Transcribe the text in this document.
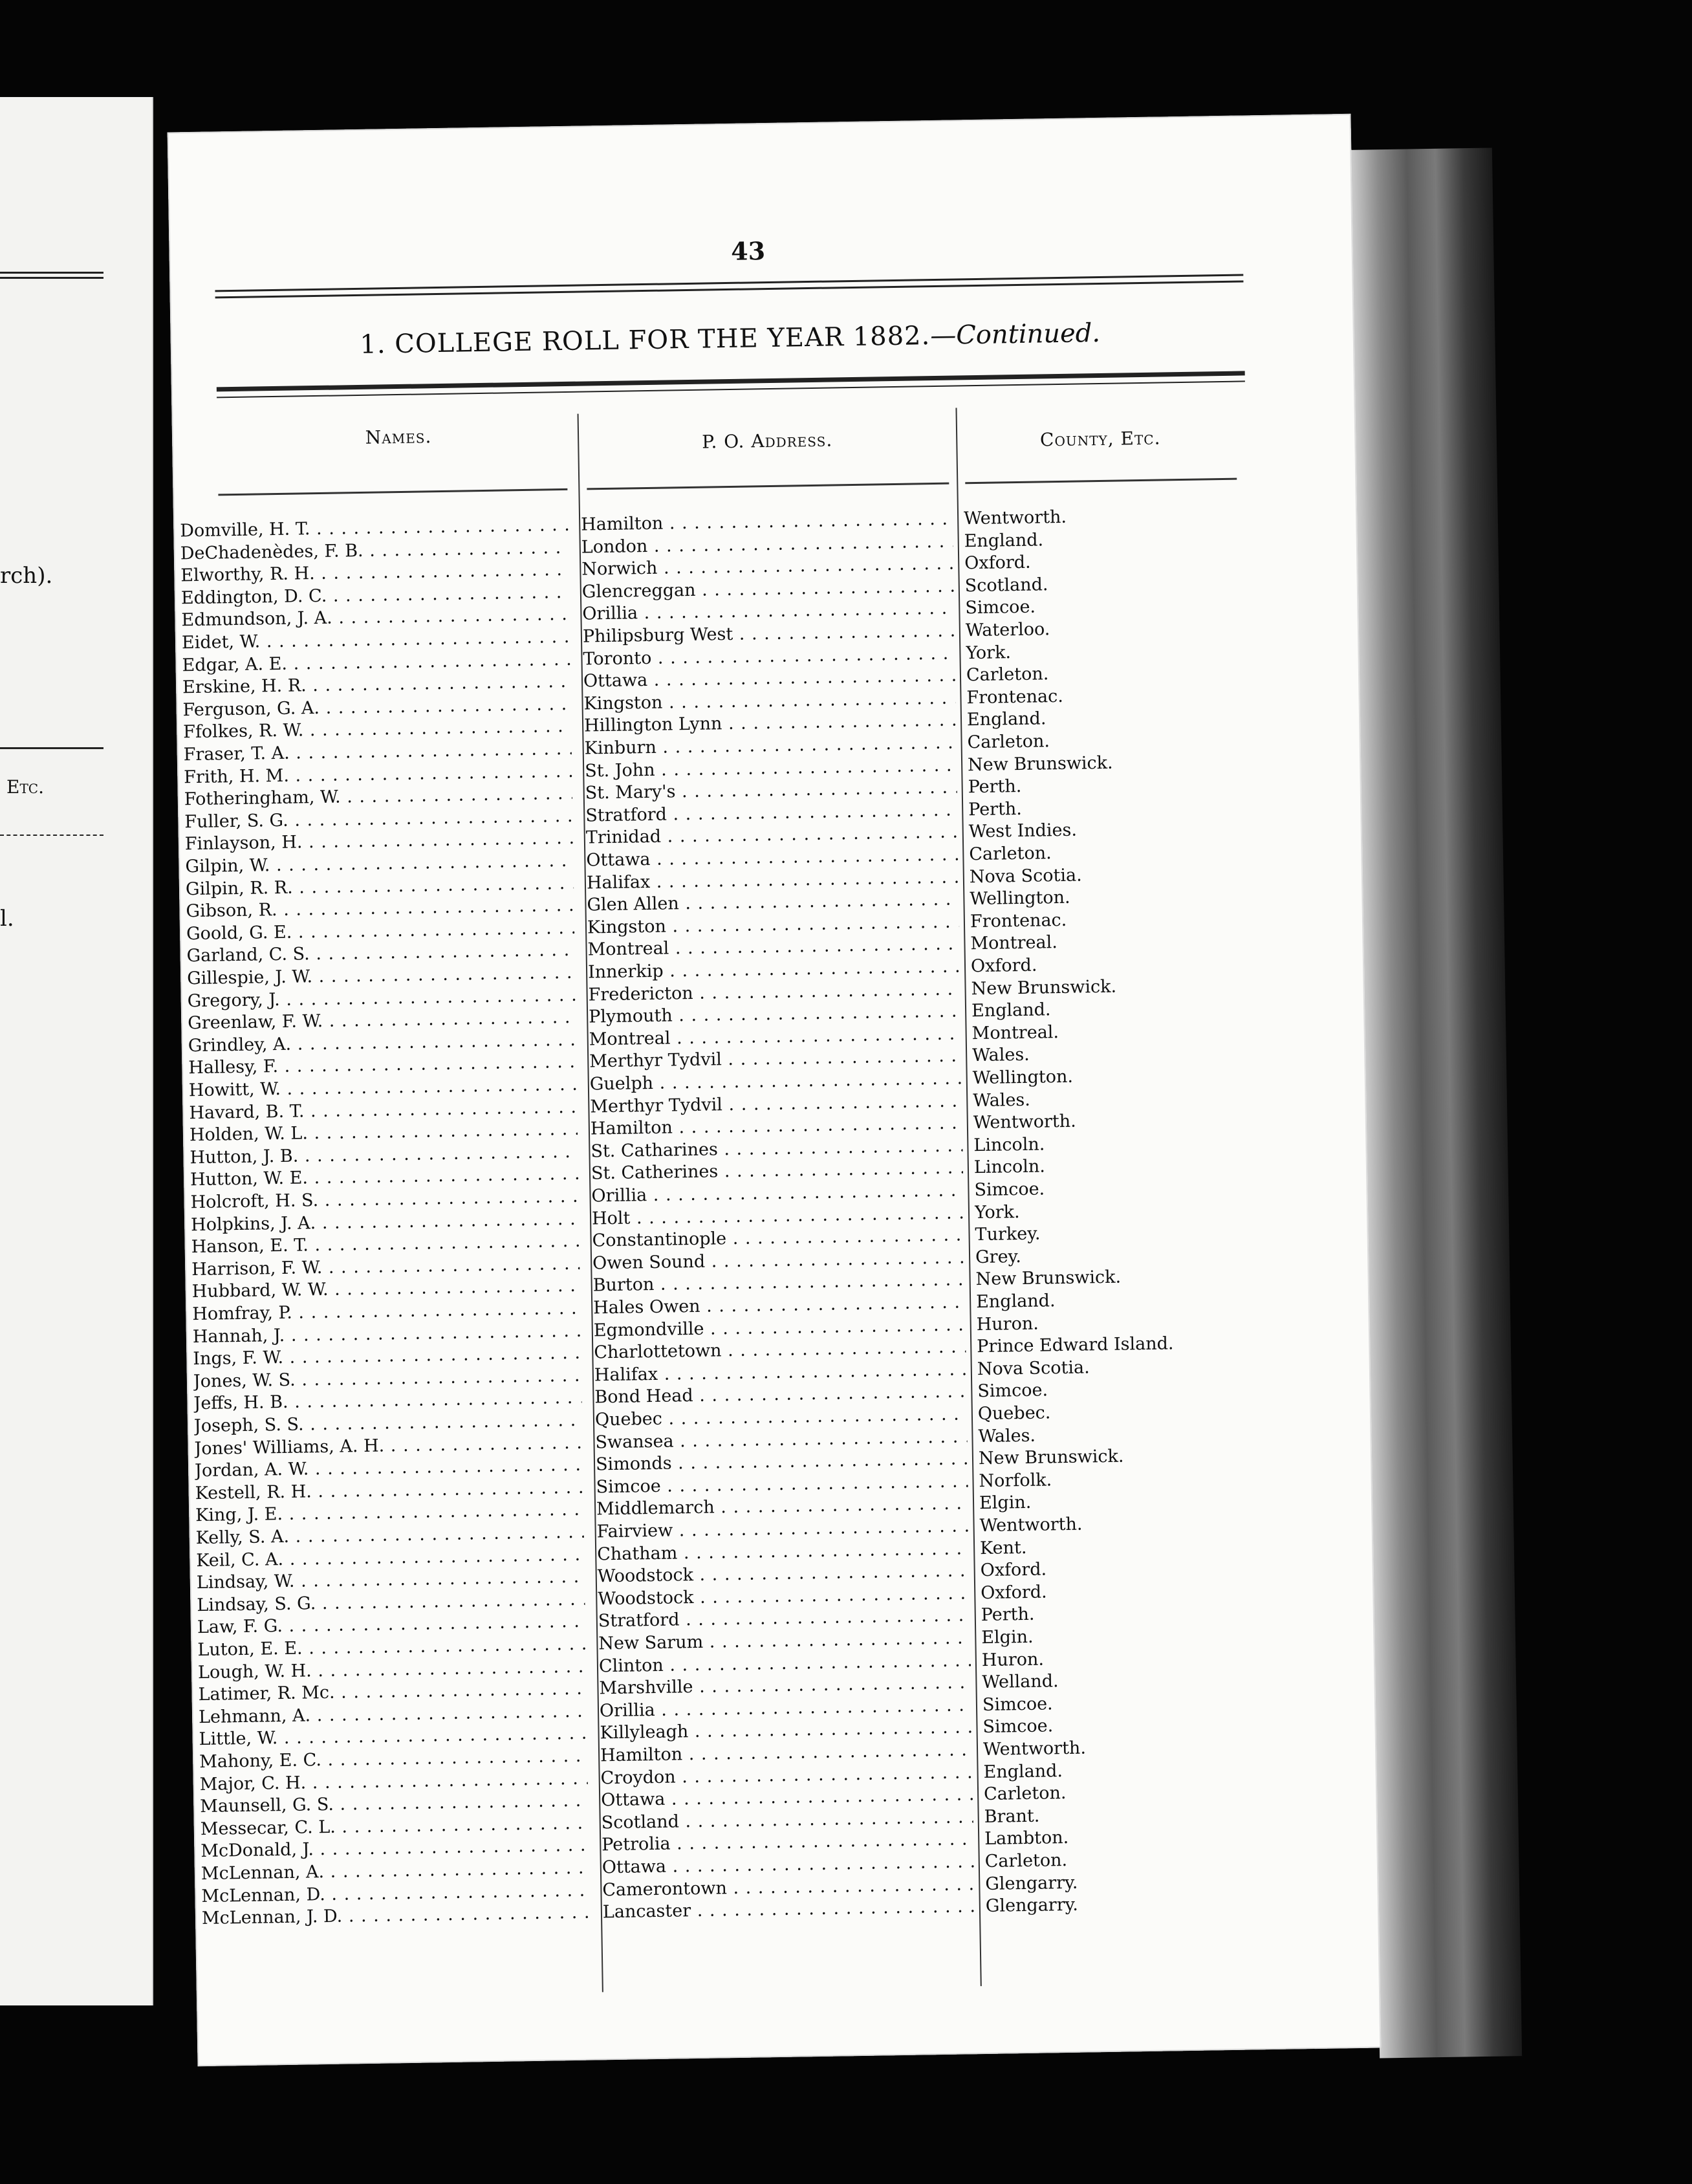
rch).
Etc.
l.
43
1. COLLEGE ROLL FOR THE YEAR 1882.—Continued.
Names.	P. O. Address.	County, Etc.
Domville, H. T. . . .	Hamilton . . .	Wentworth.
DeChadenèdes, F. B. . . .	London . . .	England.
Elworthy, R. H. . . .	Norwich . . .	Oxford.
Eddington, D. C. . . .	Glencreggan . . .	Scotland.
Edmundson, J. A. . . .	Orillia . . .	Simcoe.
Eidet, W. . . .	Philipsburg West . . .	Waterloo.
Edgar, A. E. . . .	Toronto . . .	York.
Erskine, H. R. . . .	Ottawa . . .	Carleton.
Ferguson, G. A. . . .	Kingston . . .	Frontenac.
Ffolkes, R. W. . . .	Hillington Lynn . . .	England.
Fraser, T. A. . . .	Kinburn . . .	Carleton.
Frith, H. M. . . .	St. John . . .	New Brunswick.
Fotheringham, W. . . .	St. Mary's . . .	Perth.
Fuller, S. G. . . .	Stratford . . .	Perth.
Finlayson, H. . . .	Trinidad . . .	West Indies.
Gilpin, W. . . .	Ottawa . . .	Carleton.
Gilpin, R. R. . . .	Halifax . . .	Nova Scotia.
Gibson, R. . . .	Glen Allen . . .	Wellington.
Goold, G. E. . . .	Kingston . . .	Frontenac.
Garland, C. S. . . .	Montreal . . .	Montreal.
Gillespie, J. W. . . .	Innerkip . . .	Oxford.
Gregory, J. . . .	Fredericton . . .	New Brunswick.
Greenlaw, F. W. . . .	Plymouth . . .	England.
Grindley, A. . . .	Montreal . . .	Montreal.
Hallesy, F. . . .	Merthyr Tydvil . . .	Wales.
Howitt, W. . . .	Guelph . . .	Wellington.
Havard, B. T. . . .	Merthyr Tydvil . . .	Wales.
Holden, W. L. . . .	Hamilton . . .	Wentworth.
Hutton, J. B. . . .	St. Catharines . . .	Lincoln.
Hutton, W. E. . . .	St. Catherines . . .	Lincoln.
Holcroft, H. S. . . .	Orillia . . .	Simcoe.
Holpkins, J. A. . . .	Holt . . .	York.
Hanson, E. T. . . .	Constantinople . . .	Turkey.
Harrison, F. W. . . .	Owen Sound . . .	Grey.
Hubbard, W. W. . . .	Burton . . .	New Brunswick.
Homfray, P. . . .	Hales Owen . . .	England.
Hannah, J. . . .	Egmondville . . .	Huron.
Ings, F. W. . . .	Charlottetown . . .	Prince Edward Island.
Jones, W. S. . . .	Halifax . . .	Nova Scotia.
Jeffs, H. B. . . .	Bond Head . . .	Simcoe.
Joseph, S. S. . . .	Quebec . . .	Quebec.
Jones' Williams, A. H. . . .	Swansea . . .	Wales.
Jordan, A. W. . . .	Simonds . . .	New Brunswick.
Kestell, R. H. . . .	Simcoe . . .	Norfolk.
King, J. E. . . .	Middlemarch . . .	Elgin.
Kelly, S. A. . . .	Fairview . . .	Wentworth.
Keil, C. A. . . .	Chatham . . .	Kent.
Lindsay, W. . . .	Woodstock . . .	Oxford.
Lindsay, S. G. . . .	Woodstock . . .	Oxford.
Law, F. G. . . .	Stratford . . .	Perth.
Luton, E. E. . . .	New Sarum . . .	Elgin.
Lough, W. H. . . .	Clinton . . .	Huron.
Latimer, R. Mc. . . .	Marshville . . .	Welland.
Lehmann, A. . . .	Orillia . . .	Simcoe.
Little, W. . . .	Killyleagh . . .	Simcoe.
Mahony, E. C. . . .	Hamilton . . .	Wentworth.
Major, C. H. . . .	Croydon . . .	England.
Maunsell, G. S. . . .	Ottawa . . .	Carleton.
Messecar, C. L. . . .	Scotland . . .	Brant.
McDonald, J. . . .	Petrolia . . .	Lambton.
McLennan, A. . . .	Ottawa . . .	Carleton.
McLennan, D. . . .	Camerontown . . .	Glengarry.
McLennan, J. D. . . .	Lancaster . . .	Glengarry.
